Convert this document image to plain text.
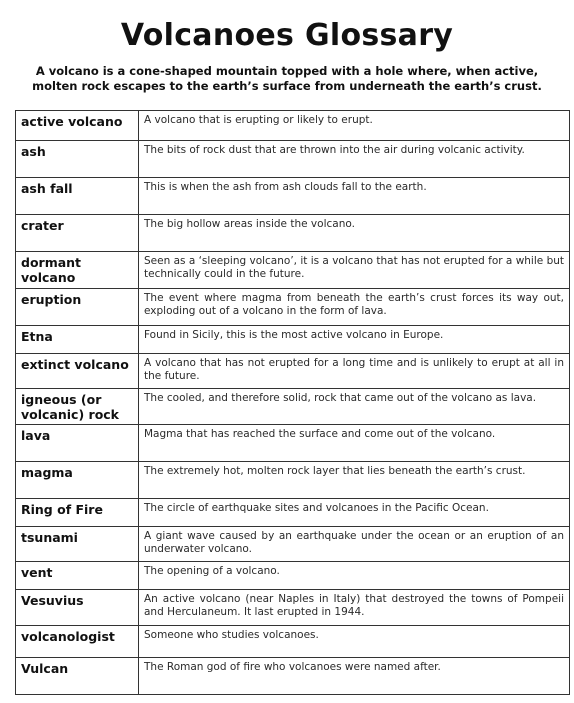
Volcanoes Glossary
A volcano is a cone-shaped mountain topped with a hole where, when active, molten rock escapes to the earth’s surface from underneath the earth’s crust.
active volcano	A volcano that is erupting or likely to erupt.
ash	The bits of rock dust that are thrown into the air during volcanic activity.
ash fall	This is when the ash from ash clouds fall to the earth.
crater	The big hollow areas inside the volcano.
dormant volcano	Seen as a ‘sleeping volcano’, it is a volcano that has not erupted for a while but technically could in the future.
eruption	The event where magma from beneath the earth’s crust forces its way out, exploding out of a volcano in the form of lava.
Etna	Found in Sicily, this is the most active volcano in Europe.
extinct volcano	A volcano that has not erupted for a long time and is unlikely to erupt at all in the future.
igneous (or volcanic) rock	The cooled, and therefore solid, rock that came out of the volcano as lava.
lava	Magma that has reached the surface and come out of the volcano.
magma	The extremely hot, molten rock layer that lies beneath the earth’s crust.
Ring of Fire	The circle of earthquake sites and volcanoes in the Pacific Ocean.
tsunami	A giant wave caused by an earthquake under the ocean or an eruption of an underwater volcano.
vent	The opening of a volcano.
Vesuvius	An active volcano (near Naples in Italy) that destroyed the towns of Pompeii and Herculaneum. It last erupted in 1944.
volcanologist	Someone who studies volcanoes.
Vulcan	The Roman god of fire who volcanoes were named after.
